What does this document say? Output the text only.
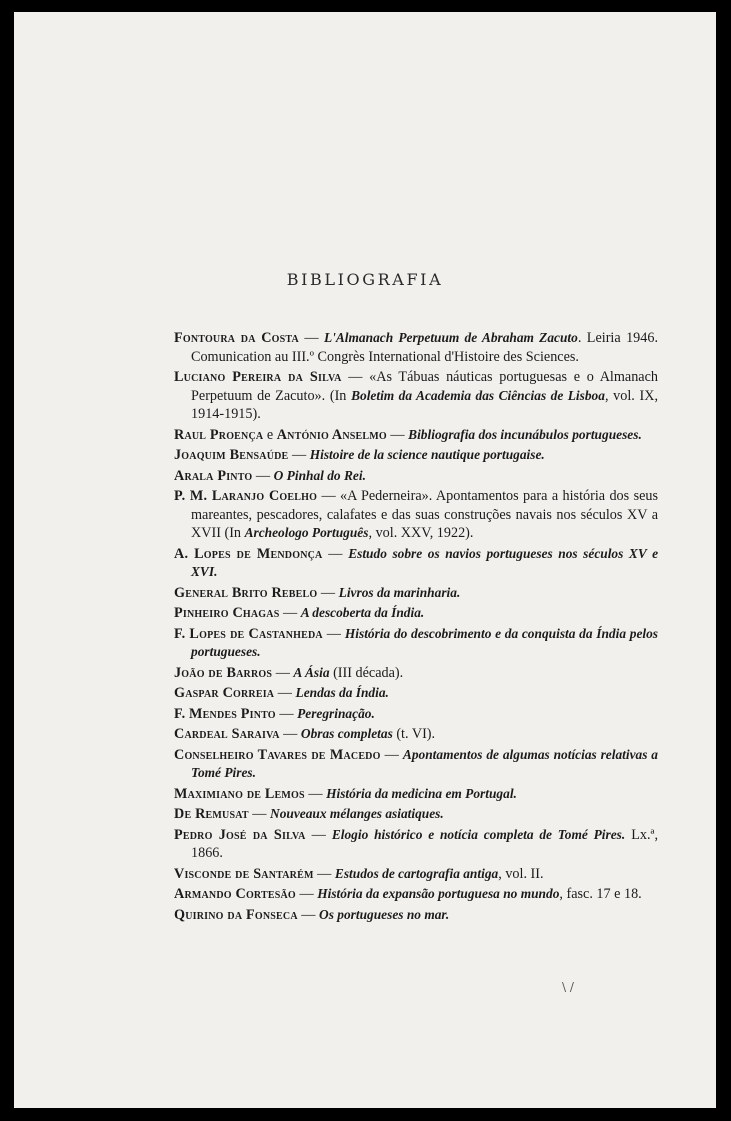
BIBLIOGRAFIA

Fontoura da Costa — L'Almanach Perpetuum de Abraham Zacuto. Leiria 1946. Comunication au III.º Congrès International d'Histoire des Sciences.

Luciano Pereira da Silva — «As Tábuas náuticas portuguesas e o Almanach Perpetuum de Zacuto». (In Boletim da Academia das Ciências de Lisboa, vol. IX, 1914-1915).

Raul Proença e António Anselmo — Bibliografia dos incunábulos portugueses.

Joaquim Bensaúde — Histoire de la science nautique portugaise.

Arala Pinto — O Pinhal do Rei.

P. M. Laranjo Coelho — «A Pederneira». Apontamentos para a história dos seus mareantes, pescadores, calafates e das suas construções navais nos séculos XV a XVII (In Archeologo Português, vol. XXV, 1922).

A. Lopes de Mendonça — Estudo sobre os navios portugueses nos séculos XV e XVI.

General Brito Rebelo — Livros da marinharia.

Pinheiro Chagas — A descoberta da Índia.

F. Lopes de Castanheda — História do descobrimento e da conquista da Índia pelos portugueses.

João de Barros — A Ásia (III década).

Gaspar Correia — Lendas da Índia.

F. Mendes Pinto — Peregrinação.

Cardeal Saraiva — Obras completas (t. VI).

Conselheiro Tavares de Macedo — Apontamentos de algumas notícias relativas a Tomé Pires.

Maximiano de Lemos — História da medicina em Portugal.

De Remusat — Nouveaux mélanges asiatiques.

Pedro José da Silva — Elogio histórico e notícia completa de Tomé Pires. Lx.ª, 1866.

Visconde de Santarém — Estudos de cartografia antiga, vol. II.

Armando Cortesão — História da expansão portuguesa no mundo, fasc. 17 e 18.

Quirino da Fonseca — Os portugueses no mar.

\ /
